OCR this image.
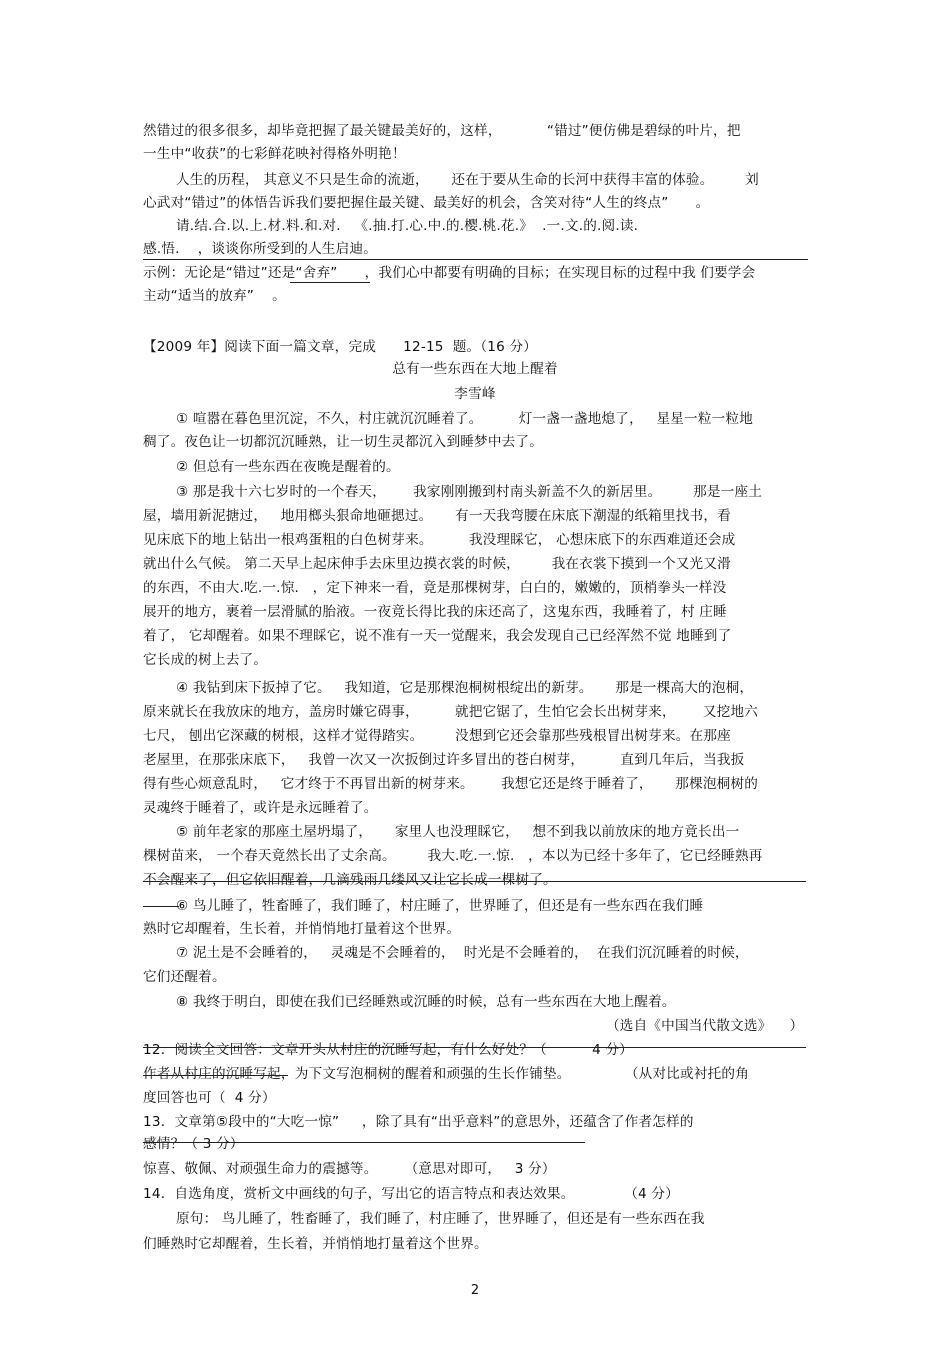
然错过的很多很多，却毕竟把握了最关键最美好的，这样，          “错过”便仿佛是碧绿的叶片，把
一生中“收获”的七彩鲜花映衬得格外明艳！
人生的历程， 其意义不只是生命的流逝，     还在于要从生命的长河中获得丰富的体验。       刘
心武对“错过”的体悟告诉我们要把握住最关键、最美好的机会，含笑对待“人生的终点”      。
请.结.合.以.上.材.料.和.对.   《.抽.打.心.中.的.樱.桃.花.》  .一.文.的.阅.读.
感.悟.    ，谈谈你所受到的人生启迪。
示例：无论是“错过”还是“舍弃”      ，我们心中都要有明确的目标；在实现目标的过程中我 们要学会
主动“适当的放弃”    。
【2009 年】阅读下面一篇文章，完成      12-15  题。（16 分）
总有一些东西在大地上醒着
李雪峰
① 喧嚣在暮色里沉淀，不久，村庄就沉沉睡着了。        灯一盏一盏地熄了，   星星一粒一粒地
稠了。夜色让一切都沉沉睡熟，让一切生灵都沉入到睡梦中去了。
② 但总有一些东西在夜晚是醒着的。
③ 那是我十六七岁时的一个春天，      我家刚刚搬到村南头新盖不久的新居里。       那是一座土
屋，墙用新泥搪过，   地用榔头狠命地砸揌过。     有一天我弯腰在床底下潮湿的纸箱里找书，看
见床底下的地上钻出一根鸡蛋粗的白色树芽来。        我没理睬它， 心想床底下的东西难道还会成
就出什么气候。 第二天早上起床伸手去床里边摸衣裳的时候，       我在衣裳下摸到一个又光又滑
的东西，不由大.吃.一.惊.   ，定下神来一看，竟是那棵树芽，白白的，嫩嫩的，顶梢拳头一样没
展开的地方，裹着一层滑腻的胎液。一夜竟长得比我的床还高了，这鬼东西，我睡着了，村 庄睡
着了， 它却醒着。如果不理睬它，说不准有一天一觉醒来，我会发现自己已经浑然不觉 地睡到了
它长成的树上去了。
④ 我钻到床下扳掉了它。   我知道，它是那棵泡桐树根绽出的新芽。     那是一棵高大的泡桐，
原来就长在我放床的地方，盖房时嫌它碍事，        就把它锯了，生怕它会长出树芽来，      又挖地六
七尺， 刨出它深藏的树根，这样才觉得踏实。       没想到它还会靠那些残根冒出树芽来。在那座
老屋里，在那张床底下，   我曾一次又一次扳倒过许多冒出的苍白树芽，        直到几年后，当我扳
得有些心烦意乱时，   它才终于不再冒出新的树芽来。      我想它还是终于睡着了，     那棵泡桐树的
灵魂终于睡着了，或许是永远睡着了。
⑤ 前年老家的那座土屋坍塌了，     家里人也没理睬它，   想不到我以前放床的地方竟长出一
棵树苗来， 一个春天竟然长出了丈余高。       我大.吃.一.惊.   ，本以为已经十多年了，它已经睡熟再
不会醒来了，但它依旧醒着，几滴残雨几缕风又让它长成一棵树了。
⑥ 鸟儿睡了，牲畜睡了，我们睡了，村庄睡了，世界睡了，但还是有一些东西在我们睡
熟时它却醒着，生长着，并悄悄地打量着这个世界。
⑦ 泥土是不会睡着的，   灵魂是不会睡着的，  时光是不会睡着的，  在我们沉沉睡着的时候，
它们还醒着。
⑧ 我终于明白，即使在我们已经睡熟或沉睡的时候，总有一些东西在大地上醒着。
（选自《中国当代散文选》    ）
12．阅读全文回答：文章开头从村庄的沉睡写起，有什么好处？（          4 分）
作者从村庄的沉睡写起，为下文写泡桐树的醒着和顽强的生长作铺垫。            （从对比或衬托的角
度回答也可（  4 分）
13．文章第⑤段中的“大吃一惊”     ，除了具有“出乎意料”的意思外，还蕴含了作者怎样的
感情？（ 3 分）
惊喜、敬佩、对顽强生命力的震撼等。      （意思对即可，   3 分）
14．自选角度，赏析文中画线的句子，写出它的语言特点和表达效果。           （4 分）
原句： 鸟儿睡了，牲畜睡了，我们睡了，村庄睡了，世界睡了，但还是有一些东西在我
们睡熟时它却醒着，生长着，并悄悄地打量着这个世界。
2
